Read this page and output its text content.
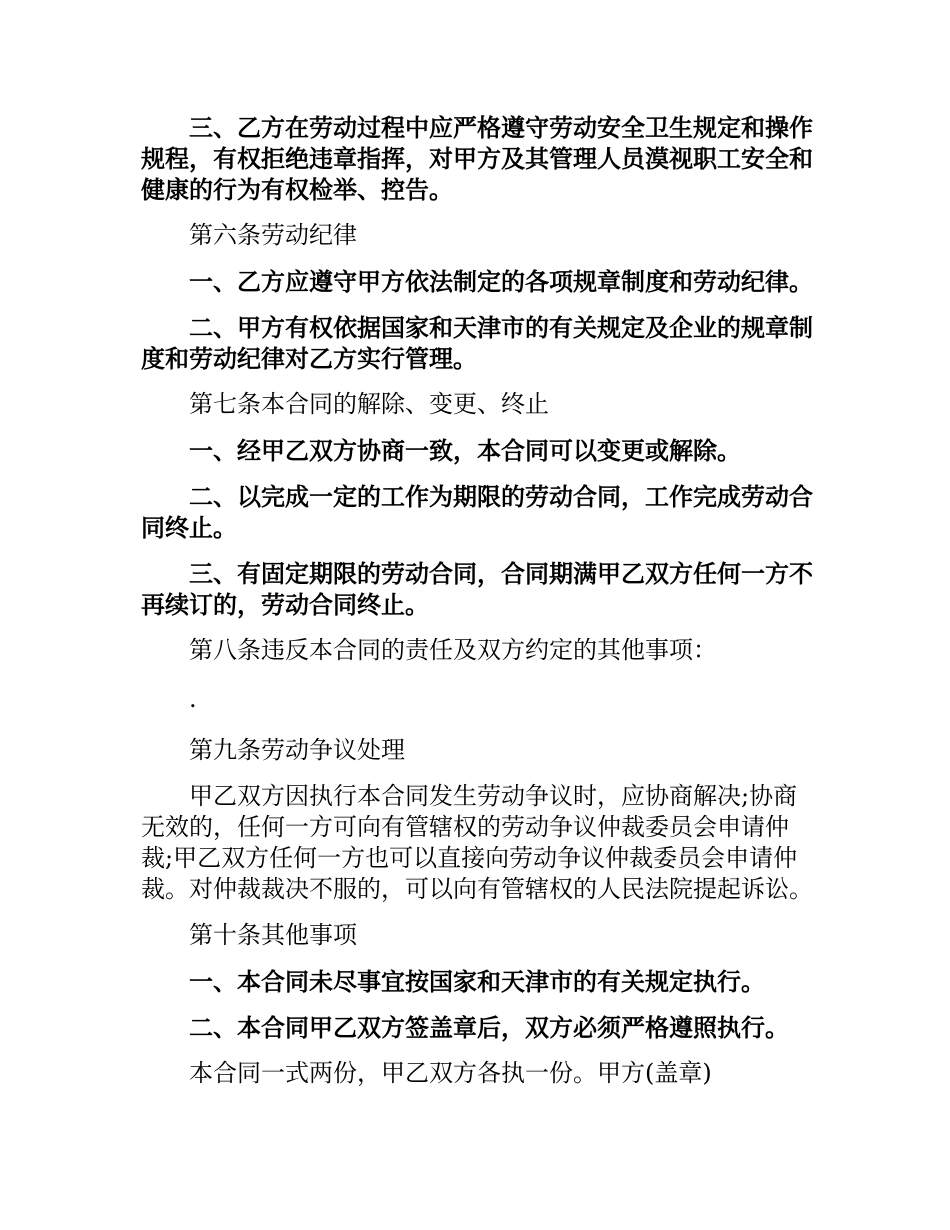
三、乙方在劳动过程中应严格遵守劳动安全卫生规定和操作规程，有权拒绝违章指挥，对甲方及其管理人员漠视职工安全和健康的行为有权检举、控告。

第六条劳动纪律

一、乙方应遵守甲方依法制定的各项规章制度和劳动纪律。

二、甲方有权依据国家和天津市的有关规定及企业的规章制度和劳动纪律对乙方实行管理。

第七条本合同的解除、变更、终止

一、经甲乙双方协商一致，本合同可以变更或解除。

二、以完成一定的工作为期限的劳动合同，工作完成劳动合同终止。

三、有固定期限的劳动合同，合同期满甲乙双方任何一方不再续订的，劳动合同终止。

第八条违反本合同的责任及双方约定的其他事项：

.

第九条劳动争议处理

甲乙双方因执行本合同发生劳动争议时，应协商解决;协商无效的，任何一方可向有管辖权的劳动争议仲裁委员会申请仲裁;甲乙双方任何一方也可以直接向劳动争议仲裁委员会申请仲裁。对仲裁裁决不服的，可以向有管辖权的人民法院提起诉讼。

第十条其他事项

一、本合同未尽事宜按国家和天津市的有关规定执行。

二、本合同甲乙双方签盖章后，双方必须严格遵照执行。

本合同一式两份，甲乙双方各执一份。甲方(盖章)
